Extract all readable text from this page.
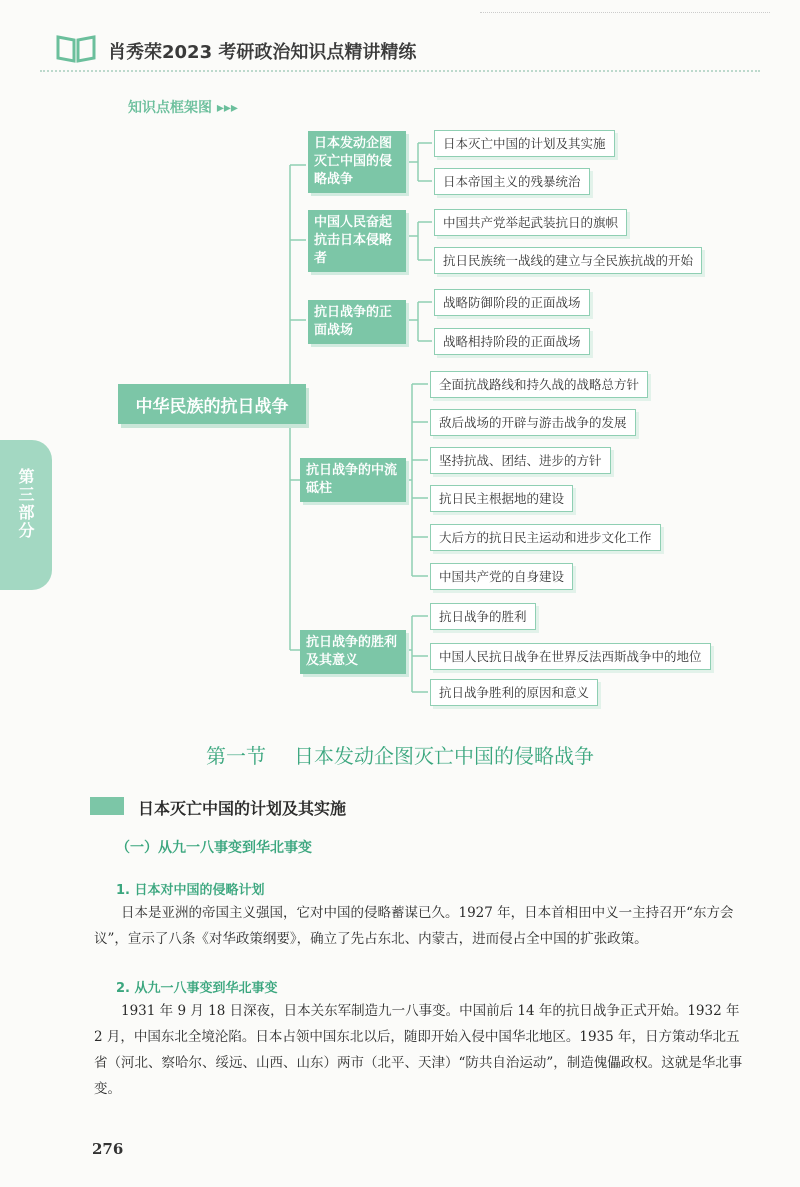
肖秀荣2023 考研政治知识点精讲精练
第三部分
知识点框架图 ▸▸▸
中华民族的抗日战争
日本发动企图灭亡中国的侵略战争
中国人民奋起抗击日本侵略者
抗日战争的正面战场
抗日战争的中流砥柱
抗日战争的胜利及其意义
日本灭亡中国的计划及其实施
日本帝国主义的残暴统治
中国共产党举起武装抗日的旗帜
抗日民族统一战线的建立与全民族抗战的开始
战略防御阶段的正面战场
战略相持阶段的正面战场
全面抗战路线和持久战的战略总方针
敌后战场的开辟与游击战争的发展
坚持抗战、团结、进步的方针
抗日民主根据地的建设
大后方的抗日民主运动和进步文化工作
中国共产党的自身建设
抗日战争的胜利
中国人民抗日战争在世界反法西斯战争中的地位
抗日战争胜利的原因和意义
第一节 日本发动企图灭亡中国的侵略战争
日本灭亡中国的计划及其实施
（一）从九一八事变到华北事变
1. 日本对中国的侵略计划
日本是亚洲的帝国主义强国，它对中国的侵略蓄谋已久。1927 年，日本首相田中义一主持召开“东方会议”，宣示了八条《对华政策纲要》，确立了先占东北、内蒙古，进而侵占全中国的扩张政策。
2. 从九一八事变到华北事变
1931 年 9 月 18 日深夜，日本关东军制造九一八事变。中国前后 14 年的抗日战争正式开始。1932 年 2 月，中国东北全境沦陷。日本占领中国东北以后，随即开始入侵中国华北地区。1935 年，日方策动华北五省（河北、察哈尔、绥远、山西、山东）两市（北平、天津）“防共自治运动”，制造傀儡政权。这就是华北事变。
276
